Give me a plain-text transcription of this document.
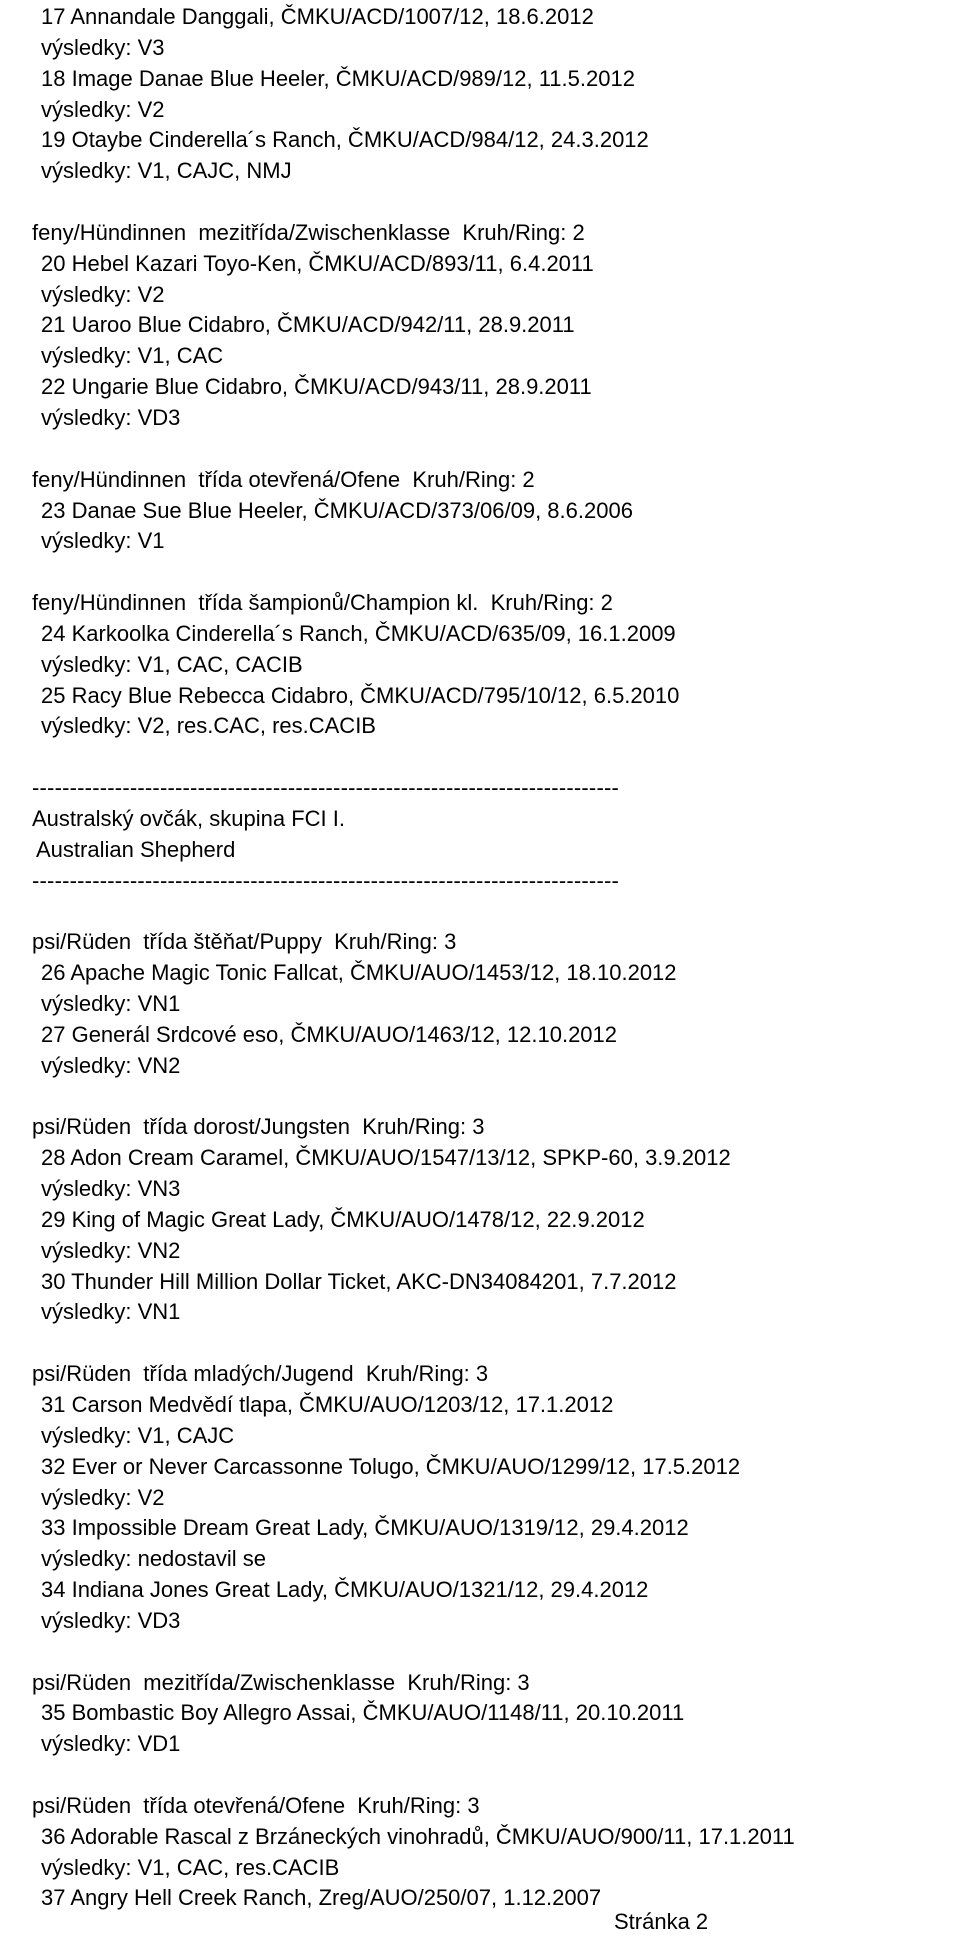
17 Annandale Danggali, ČMKU/ACD/1007/12, 18.6.2012
výsledky: V3
18 Image Danae Blue Heeler, ČMKU/ACD/989/12, 11.5.2012
výsledky: V2
19 Otaybe Cinderella´s Ranch, ČMKU/ACD/984/12, 24.3.2012
výsledky: V1, CAJC, NMJ
feny/Hündinnen  mezitřída/Zwischenklasse  Kruh/Ring: 2
20 Hebel Kazari Toyo-Ken, ČMKU/ACD/893/11, 6.4.2011
výsledky: V2
21 Uaroo Blue Cidabro, ČMKU/ACD/942/11, 28.9.2011
výsledky: V1, CAC
22 Ungarie Blue Cidabro, ČMKU/ACD/943/11, 28.9.2011
výsledky: VD3
feny/Hündinnen  třída otevřená/Ofene  Kruh/Ring: 2
23 Danae Sue Blue Heeler, ČMKU/ACD/373/06/09, 8.6.2006
výsledky: V1
feny/Hündinnen  třída šampionů/Champion kl.  Kruh/Ring: 2
24 Karkoolka Cinderella´s Ranch, ČMKU/ACD/635/09, 16.1.2009
výsledky: V1, CAC, CACIB
25 Racy Blue Rebecca Cidabro, ČMKU/ACD/795/10/12, 6.5.2010
výsledky: V2, res.CAC, res.CACIB
------------------------------------------------------------------------------
Australský ovčák, skupina FCI I.
Australian Shepherd
------------------------------------------------------------------------------
psi/Rüden  třída štěňat/Puppy  Kruh/Ring: 3
26 Apache Magic Tonic Fallcat, ČMKU/AUO/1453/12, 18.10.2012
výsledky: VN1
27 Generál Srdcové eso, ČMKU/AUO/1463/12, 12.10.2012
výsledky: VN2
psi/Rüden  třída dorost/Jungsten  Kruh/Ring: 3
28 Adon Cream Caramel, ČMKU/AUO/1547/13/12, SPKP-60, 3.9.2012
výsledky: VN3
29 King of Magic Great Lady, ČMKU/AUO/1478/12, 22.9.2012
výsledky: VN2
30 Thunder Hill Million Dollar Ticket, AKC-DN34084201, 7.7.2012
výsledky: VN1
psi/Rüden  třída mladých/Jugend  Kruh/Ring: 3
31 Carson Medvědí tlapa, ČMKU/AUO/1203/12, 17.1.2012
výsledky: V1, CAJC
32 Ever or Never Carcassonne Tolugo, ČMKU/AUO/1299/12, 17.5.2012
výsledky: V2
33 Impossible Dream Great Lady, ČMKU/AUO/1319/12, 29.4.2012
výsledky: nedostavil se
34 Indiana Jones Great Lady, ČMKU/AUO/1321/12, 29.4.2012
výsledky: VD3
psi/Rüden  mezitřída/Zwischenklasse  Kruh/Ring: 3
35 Bombastic Boy Allegro Assai, ČMKU/AUO/1148/11, 20.10.2011
výsledky: VD1
psi/Rüden  třída otevřená/Ofene  Kruh/Ring: 3
36 Adorable Rascal z Brzáneckých vinohradů, ČMKU/AUO/900/11, 17.1.2011
výsledky: V1, CAC, res.CACIB
37 Angry Hell Creek Ranch, Zreg/AUO/250/07, 1.12.2007
Stránka 2
